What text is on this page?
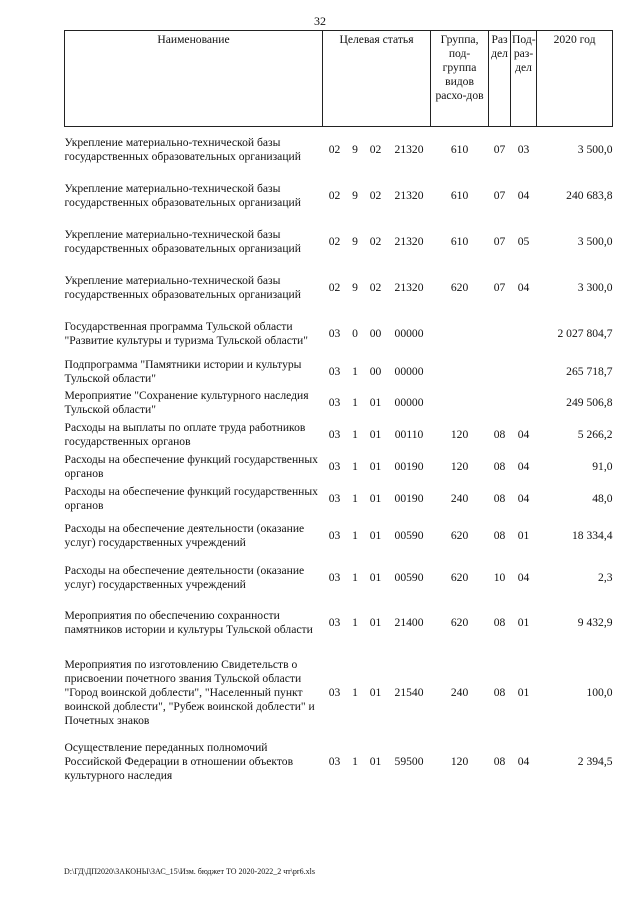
32
Наименование	Целевая статья				Группа, под-группа видов расхо-дов	Раз дел	Под-раз-дел	2020 год
Укрепление материально-технической базы государственных образовательных организаций	02	9	02	21320	610	07	03	3 500,0
Укрепление материально-технической базы государственных образовательных организаций	02	9	02	21320	610	07	04	240 683,8
Укрепление материально-технической базы государственных образовательных организаций	02	9	02	21320	610	07	05	3 500,0
Укрепление материально-технической базы государственных образовательных организаций	02	9	02	21320	620	07	04	3 300,0
Государственная программа Тульской области "Развитие культуры и туризма Тульской области"	03	0	00	00000				2 027 804,7
Подпрограмма "Памятники истории и культуры Тульской области"	03	1	00	00000				265 718,7
Мероприятие "Сохранение культурного наследия Тульской области"	03	1	01	00000				249 506,8
Расходы на выплаты по оплате труда работников государственных органов	03	1	01	00110	120	08	04	5 266,2
Расходы на обеспечение функций государственных органов	03	1	01	00190	120	08	04	91,0
Расходы на обеспечение функций государственных органов	03	1	01	00190	240	08	04	48,0
Расходы на обеспечение деятельности (оказание услуг) государственных учреждений	03	1	01	00590	620	08	01	18 334,4
Расходы на обеспечение деятельности (оказание услуг) государственных учреждений	03	1	01	00590	620	10	04	2,3
Мероприятия по обеспечению сохранности памятников истории и культуры Тульской области	03	1	01	21400	620	08	01	9 432,9
Мероприятия по изготовлению Свидетельств о присвоении почетного звания Тульской области "Город воинской доблести", "Населенный пункт воинской доблести", "Рубеж воинской доблести" и Почетных знаков	03	1	01	21540	240	08	01	100,0
Осуществление переданных полномочий Российской Федерации в отношении объектов культурного наследия	03	1	01	59500	120	08	04	2 394,5
D:\ГД\ДП2020\ЗАКОНЫ\ЗАС_15\Изм. бюджет ТО 2020-2022_2 чт\pr6.xls
